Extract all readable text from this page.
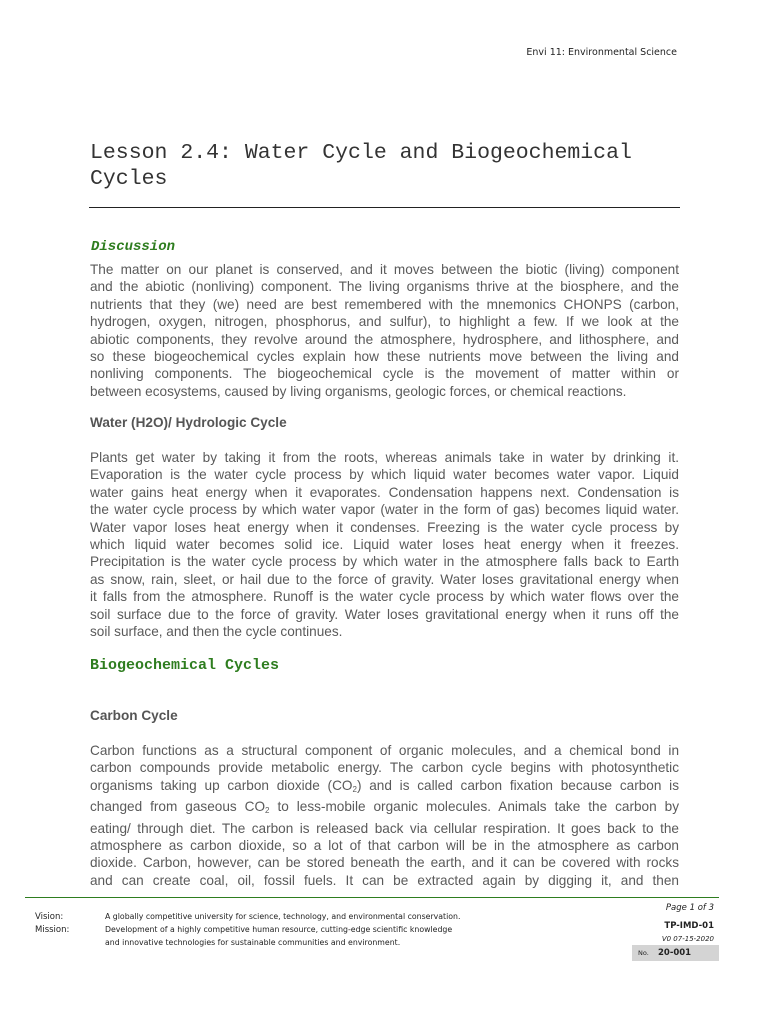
Envi 11: Environmental Science
Lesson 2.4: Water Cycle and Biogeochemical
Cycles
Discussion
The matter on our planet is conserved, and it moves between the biotic (living) component
and the abiotic (nonliving) component. The living organisms thrive at the biosphere, and the
nutrients that they (we) need are best remembered with the mnemonics CHONPS (carbon,
hydrogen, oxygen, nitrogen, phosphorus, and sulfur), to highlight a few. If we look at the
abiotic components, they revolve around the atmosphere, hydrosphere, and lithosphere, and
so these biogeochemical cycles explain how these nutrients move between the living and
nonliving components. The biogeochemical cycle is the movement of matter within or
between ecosystems, caused by living organisms, geologic forces, or chemical reactions.
Water (H2O)/ Hydrologic Cycle
Plants get water by taking it from the roots, whereas animals take in water by drinking it.
Evaporation is the water cycle process by which liquid water becomes water vapor. Liquid
water gains heat energy when it evaporates. Condensation happens next. Condensation is
the water cycle process by which water vapor (water in the form of gas) becomes liquid water.
Water vapor loses heat energy when it condenses. Freezing is the water cycle process by
which liquid water becomes solid ice. Liquid water loses heat energy when it freezes.
Precipitation is the water cycle process by which water in the atmosphere falls back to Earth
as snow, rain, sleet, or hail due to the force of gravity. Water loses gravitational energy when
it falls from the atmosphere. Runoff is the water cycle process by which water flows over the
soil surface due to the force of gravity. Water loses gravitational energy when it runs off the
soil surface, and then the cycle continues.
Biogeochemical Cycles
Carbon Cycle
Carbon functions as a structural component of organic molecules, and a chemical bond in
carbon compounds provide metabolic energy. The carbon cycle begins with photosynthetic
organisms taking up carbon dioxide $(CO_2)$ and is called carbon fixation because carbon is
changed from gaseous $CO_2$ to less-mobile organic molecules. Animals take the carbon by
eating/ through diet. The carbon is released back via cellular respiration. It goes back to the
atmosphere as carbon dioxide, so a lot of that carbon will be in the atmosphere as carbon
dioxide. Carbon, however, can be stored beneath the earth, and it can be covered with rocks
and can create coal, oil, fossil fuels. It can be extracted again by digging it, and then
Vision:	A globally competitive university for science, technology, and environmental conservation.
Mission:	Development of a highly competitive human resource, cutting-edge scientific knowledge
and innovative technologies for sustainable communities and environment.
Page 1 of 3
TP-IMD-01
V0 07-15-2020
No. 20-001
